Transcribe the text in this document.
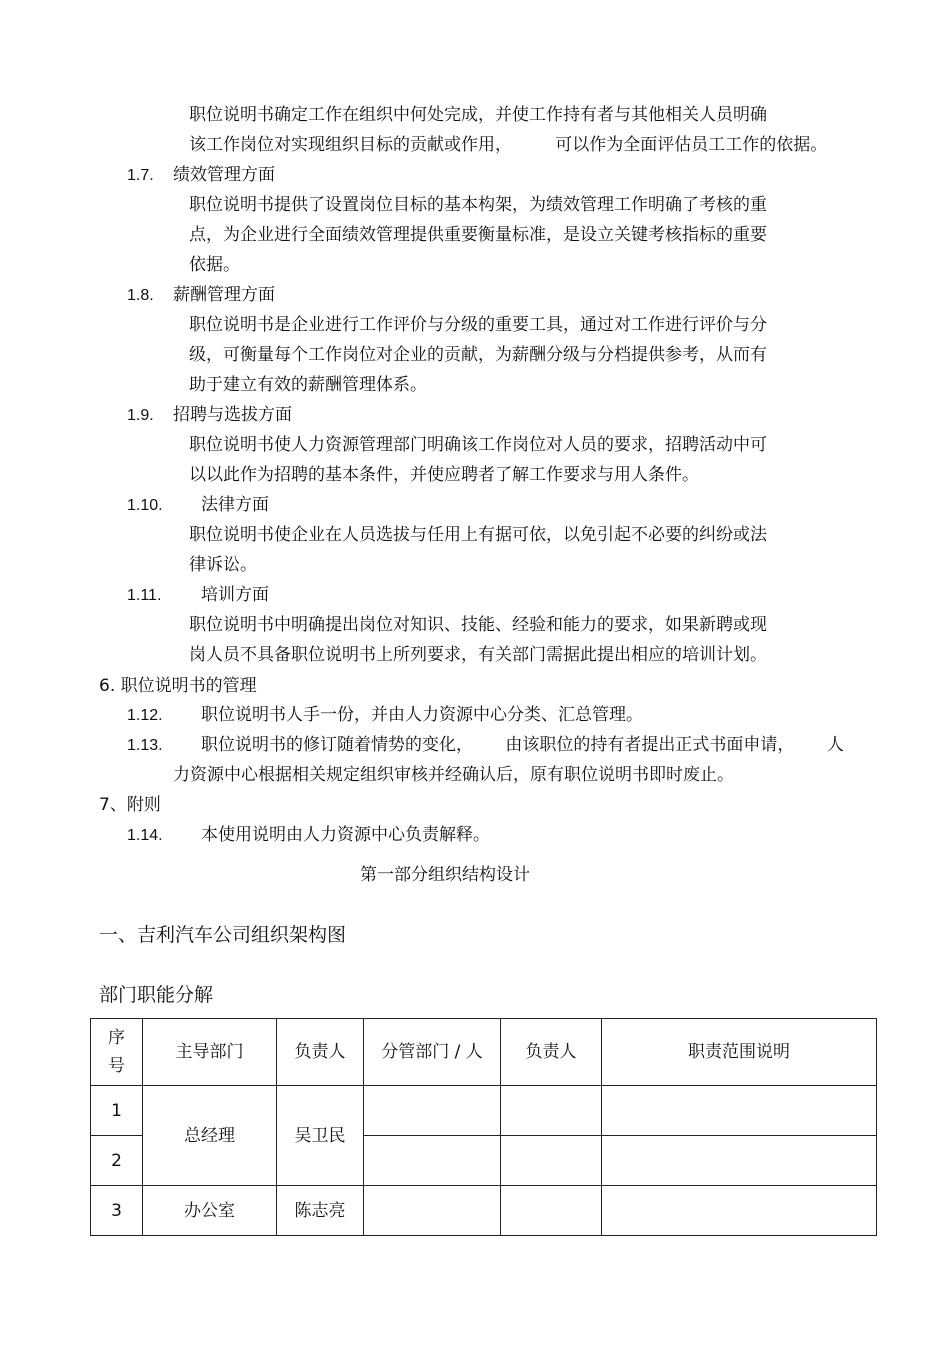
职位说明书确定工作在组织中何处完成，并使工作持有者与其他相关人员明确
该工作岗位对实现组织目标的贡献或作用，        可以作为全面评估员工工作的依据。
1.7. 绩效管理方面
职位说明书提供了设置岗位目标的基本构架，为绩效管理工作明确了考核的重
点，为企业进行全面绩效管理提供重要衡量标准，是设立关键考核指标的重要
依据。
1.8. 薪酬管理方面
职位说明书是企业进行工作评价与分级的重要工具，通过对工作进行评价与分
级，可衡量每个工作岗位对企业的贡献，为薪酬分级与分档提供参考，从而有
助于建立有效的薪酬管理体系。
1.9. 招聘与选拔方面
职位说明书使人力资源管理部门明确该工作岗位对人员的要求，招聘活动中可
以以此作为招聘的基本条件，并使应聘者了解工作要求与用人条件。
1.10. 法律方面
职位说明书使企业在人员选拔与任用上有据可依，以免引起不必要的纠纷或法
律诉讼。
1.11. 培训方面
职位说明书中明确提出岗位对知识、技能、经验和能力的要求，如果新聘或现
岗人员不具备职位说明书上所列要求，有关部门需据此提出相应的培训计划。
6. 职位说明书的管理
1.12. 职位说明书人手一份，并由人力资源中心分类、汇总管理。
1.13. 职位说明书的修订随着情势的变化，      由该职位的持有者提出正式书面申请，      人
力资源中心根据相关规定组织审核并经确认后，原有职位说明书即时废止。
7、附则
1.14. 本使用说明由人力资源中心负责解释。
第一部分组织结构设计
一、吉利汽车公司组织架构图
部门职能分解
序
号	主导部门	负责人	分管部门 / 人	负责人	职责范围说明
1	总经理	吴卫民			
2					
3	办公室	陈志亮			
